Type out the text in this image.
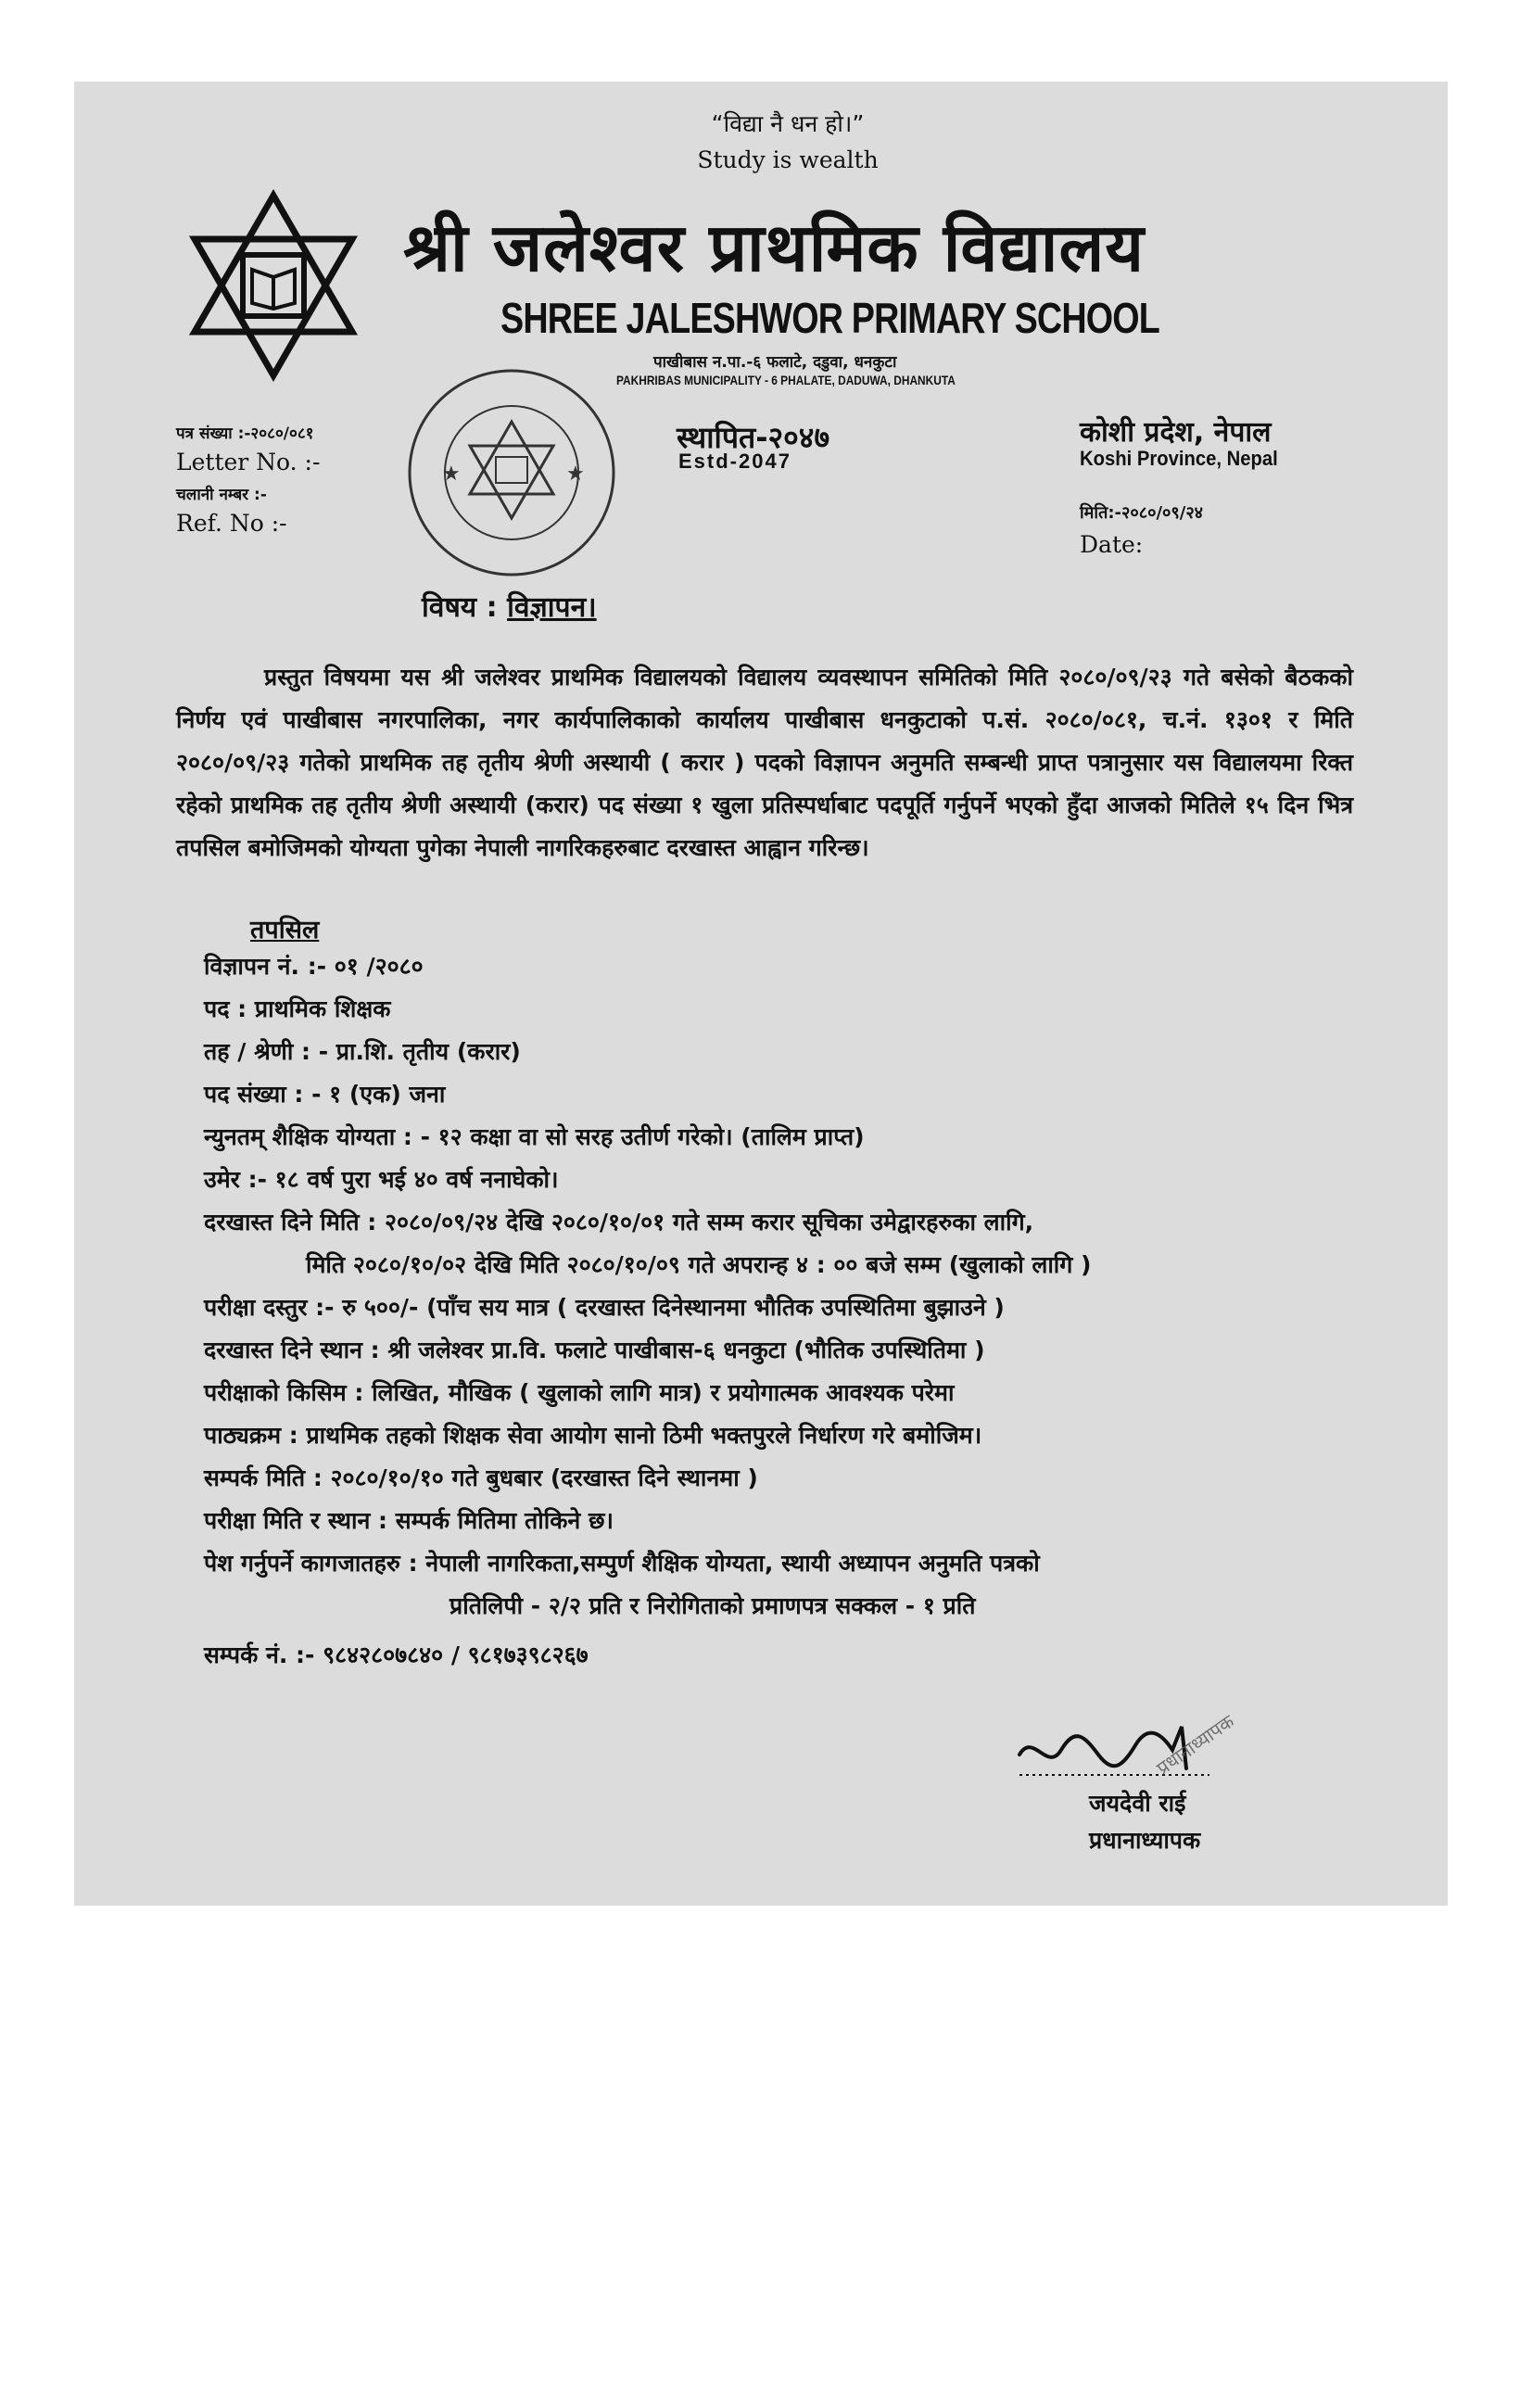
“विद्या नै धन हो।”
Study is wealth
श्री जलेश्वर प्राथमिक विद्यालय
SHREE JALESHWOR PRIMARY SCHOOL
पाखीबास न.पा.-६ फलाटे, दडुवा, धनकुटा
PAKHRIBAS MUNICIPALITY - 6 PHALATE, DADUWA, DHANKUTA
★	★
स्थापित-२०४७
Estd-2047
कोशी प्रदेश, नेपाल
Koshi Province, Nepal
पत्र संख्या :-२०८०/०८१
Letter No. :-
चलानी नम्बर :-
Ref. No :-	मिति:-२०८०/०९/२४
Date:
विषय : विज्ञापन।
प्रस्तुत विषयमा यस श्री जलेश्वर प्राथमिक विद्यालयको विद्यालय व्यवस्थापन समितिको मिति २०८०/०९/२३ गते बसेको बैठकको निर्णय एवं पाखीबास नगरपालिका, नगर कार्यपालिकाको कार्यालय पाखीबास धनकुटाको प.सं. २०८०/०८१, च.नं. १३०१ र मिति २०८०/०९/२३ गतेको प्राथमिक तह तृतीय श्रेणी अस्थायी ( करार ) पदको विज्ञापन अनुमति सम्बन्धी प्राप्त पत्रानुसार यस विद्यालयमा रिक्त रहेको प्राथमिक तह तृतीय श्रेणी अस्थायी (करार) पद संख्या १ खुला प्रतिस्पर्धाबाट पदपूर्ति गर्नुपर्ने भएको हुँदा आजको मितिले १५ दिन भित्र तपसिल बमोजिमको योग्यता पुगेका नेपाली नागरिकहरुबाट दरखास्त आह्वान गरिन्छ।
तपसिल
विज्ञापन नं. :- ०१ /२०८०
पद : प्राथमिक शिक्षक
तह / श्रेणी : - प्रा.शि. तृतीय (करार)
पद संख्या : - १ (एक) जना
न्युनतम् शैक्षिक योग्यता : - १२ कक्षा वा सो सरह उतीर्ण गरेको। (तालिम प्राप्त)
उमेर :- १८ वर्ष पुरा भई ४० वर्ष ननाघेको।
दरखास्त दिने मिति : २०८०/०९/२४ देखि २०८०/१०/०१ गते सम्म करार सूचिका उमेद्वारहरुका लागि,
मिति २०८०/१०/०२ देखि मिति २०८०/१०/०९ गते अपरान्ह ४ : ०० बजे सम्म (खुलाको लागि )
परीक्षा दस्तुर :- रु ५००/- (पाँच सय मात्र ( दरखास्त दिनेस्थानमा भौतिक उपस्थितिमा बुझाउने )
दरखास्त दिने स्थान : श्री जलेश्वर प्रा.वि. फलाटे पाखीबास-६ धनकुटा (भौतिक उपस्थितिमा )
परीक्षाको किसिम : लिखित, मौखिक ( खुलाको लागि मात्र) र प्रयोगात्मक आवश्यक परेमा
पाठ्यक्रम : प्राथमिक तहको शिक्षक सेवा आयोग सानो ठिमी भक्तपुरले निर्धारण गरे बमोजिम।
सम्पर्क मिति : २०८०/१०/१० गते बुधबार (दरखास्त दिने स्थानमा )
परीक्षा मिति र स्थान : सम्पर्क मितिमा तोकिने छ।
पेश गर्नुपर्ने कागजातहरु : नेपाली नागरिकता,सम्पुर्ण शैक्षिक योग्यता, स्थायी अध्यापन अनुमति पत्रको
प्रतिलिपी - २/२ प्रति र निरोगिताको प्रमाणपत्र सक्कल - १ प्रति
सम्पर्क नं. :- ९८४२८०७८४० / ९८१७३९८२६७
प्रधानाध्यापक
जयदेवी राई
प्रधानाध्यापक
